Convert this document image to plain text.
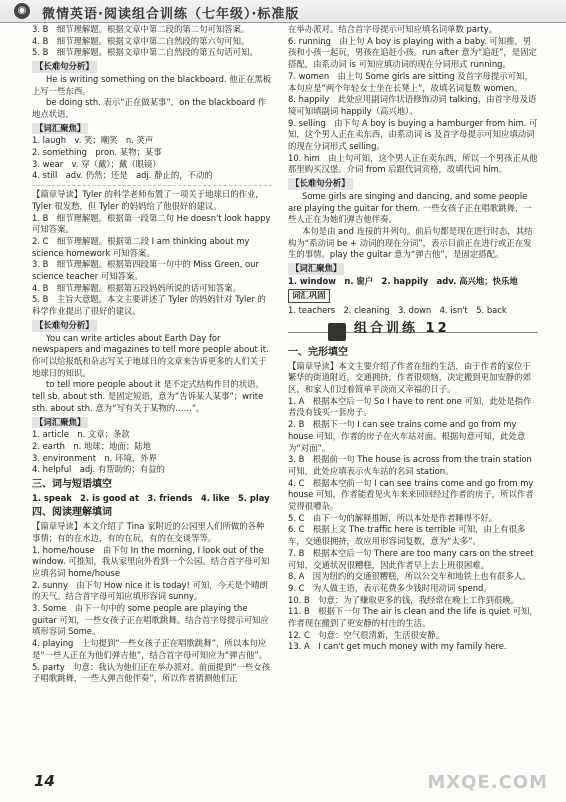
◉ 微情英语·阅读组合训练（七年级）·标准版

3. B　细节理解题。根据文章中第二段的第二句可知答案。

4. B　细节理解题。根据文章中第二自然段的第六句可知。

5. B　细节理解题。根据文章中第二自然段的第五句话可知。

【长难句分析】

He is writing something on the blackboard. 他正在黑板上写一些东西。

be doing sth. 表示“正在做某事”，on the blackboard 作地点状语。

【词汇聚焦】

1. laugh　v. 笑；嘲笑　n. 笑声

2. something　pron. 某物；某事

3. wear　v. 穿（戴）；戴（眼镜）

4. still　adv. 仍然；还是　adj. 静止的，不动的

【篇章导读】Tyler 的科学老师布置了一项关于地球日的作业，Tyler 很发愁，但 Tyler 的妈妈给了他很好的建议。

1. B　细节理解题。根据第一段第二句 He doesn't look happy 可知答案。

2. C　细节理解题。根据第二段 I am thinking about my science homework 可知答案。

3. B　细节理解题。根据第四段第一句中的 Miss Green, our science teacher 可知答案。

4. B　细节理解题。根据第五段妈妈所说的话可知答案。

5. B　主旨大意题。本文主要讲述了 Tyler 的妈妈针对 Tyler 的科学作业提出了很好的建议。

【长难句分析】

You can write articles about Earth Day for newspapers and magazines to tell more people about it. 你可以给报纸和杂志写关于地球日的文章来告诉更多的人们关于地球日的知识。

to tell more people about it 是不定式结构作目的状语。tell sb. about sth. 是固定短语，意为“告诉某人某事”；write sth. about sth. 意为“写有关于某物的……”。

【词汇聚焦】

1. article　n. 文章；条款

2. earth　n. 地球；地面；陆地

3. environment　n. 环境，外界

4. helpful　adj. 有帮助的；有益的

三、词与短语填空

1. speak　2. is good at　3. friends　4. like　5. play

四、阅读理解填词

【篇章导读】本文介绍了 Tina 家附近的公园里人们所做的各种事情；有的在水边，有的在玩，有的在交谈等等。

1. home/house　由下句 In the morning, I look out of the window. 可推知，我从家里向外看到一个公园。结合首字母可知应填名词 home/house

2. sunny　由下句 How nice it is today! 可知，今天是个晴朗的天气。结合首字母可知应填形容词 sunny。

3. Some　由下一句中的 some people are playing the guitar 可知，一些女孩子正在唱歌跳舞。结合首字母提示可知应填形容词 Some。

4. playing　上句提到“一些女孩子正在唱歌跳舞”，所以本句应是“一些人正在为他们弹吉他”，结合首字母可知应为“弹吉他”。

5. party　句意：我认为他们正在举办派对。前面提到“一些女孩子唱歌跳舞，一些人弹吉他伴奏”，所以作者猜测他们正

在举办派对。结合首字母提示可知应填名词单数 party。

6. running　由上句 A boy is playing with a baby. 可知推，男孩和小孩一起玩，男孩在追赶小孩。run after 意为“追赶”，是固定搭配，由系动词 is 可知应填动词的现在分词形式 running。

7. women　由上句 Some girls are sitting 及首字母提示可知，本句应是“两个年轻女士坐在长凳上”，故填名词复数 women。

8. happily　此处应用副词作状语修饰动词 talking，由首字母及语境可知填副词 happily（高兴地）。

9. selling　由下句 A boy is buying a hamburger from him. 可知，这个男人正在卖东西，由系动词 is 及首字母提示可知应填动词的现在分词形式 selling。

10. him　由上句可知，这个男人正在卖东西，所以一个男孩正从他那里购买汉堡。介词 from 后跟代词宾格，故填代词 him。

【长难句分析】

Some girls are singing and dancing, and some people are playing the guitar for them. 一些女孩子正在唱歌跳舞，一些人正在为她们弹吉他伴奏。

本句是由 and 连接的并列句。前后句都是现在进行时态，其结构为“系动词 be + 动词的现在分词”，表示目前正在进行或正在发生的事情。play the guitar 意为“弹吉他”，是固定搭配。

【词汇聚焦】

1. window　n. 窗户　2. happily　adv. 高兴地；快乐地

词汇巩固

1. teachers　2. cleaning　3. down　4. isn't　5. back

组合训练 12
一、完形填空

【篇章导读】本文主要介绍了作者在纽约生活，由于作者的家位于繁华的街道附近，交通拥挤，作者很烦恼，决定搬到更加安静的郊区，和家人们过着简单平淡而又幸福的日子。

1. A　根据本空后一句 So I have to rent one 可知，此处是指作者没有钱买一套房子。

2. B　根据下一句 I can see trains come and go from my house 可知，作者的房子在火车站对面。根据句意可知，此处意为“对面”。

3. B　根据前一句 The house is across from the train station 可知，此处应填表示火车站的名词 station。

4. C　根据本空前一句 I can see trains come and go from my house 可知，作者能看见火车来来回回经过作者的房子，所以作者觉得很嘈杂。

5. C　由下一句的解释推断，所以本处是作者睡得不好。

6. C　根据上文 The traffic here is terrible 可知，由上有很多车，交通很拥挤，故应用形容词复数，意为“太多”。

7. B　根据本空后一句 There are too many cars on the street 可知，交通状况很糟糕，因此作者早上去上班很困难。

8. A　因为纽约的交通很糟糕，所以公交车和地铁上也有很多人。

9. C　为人做主语，表示花费多少钱时用动词 spend。

10. B　句意：为了赚取更多的钱，我经常在晚上工作到很晚。

11. B　根据下一句 The air is clean and the life is quiet 可知，作者现在搬到了更安静的村庄的生活。

12. C　句意：空气很清新，生活很安静。

13. A　I can't get much money with my family here.

14	MXQE.COM
